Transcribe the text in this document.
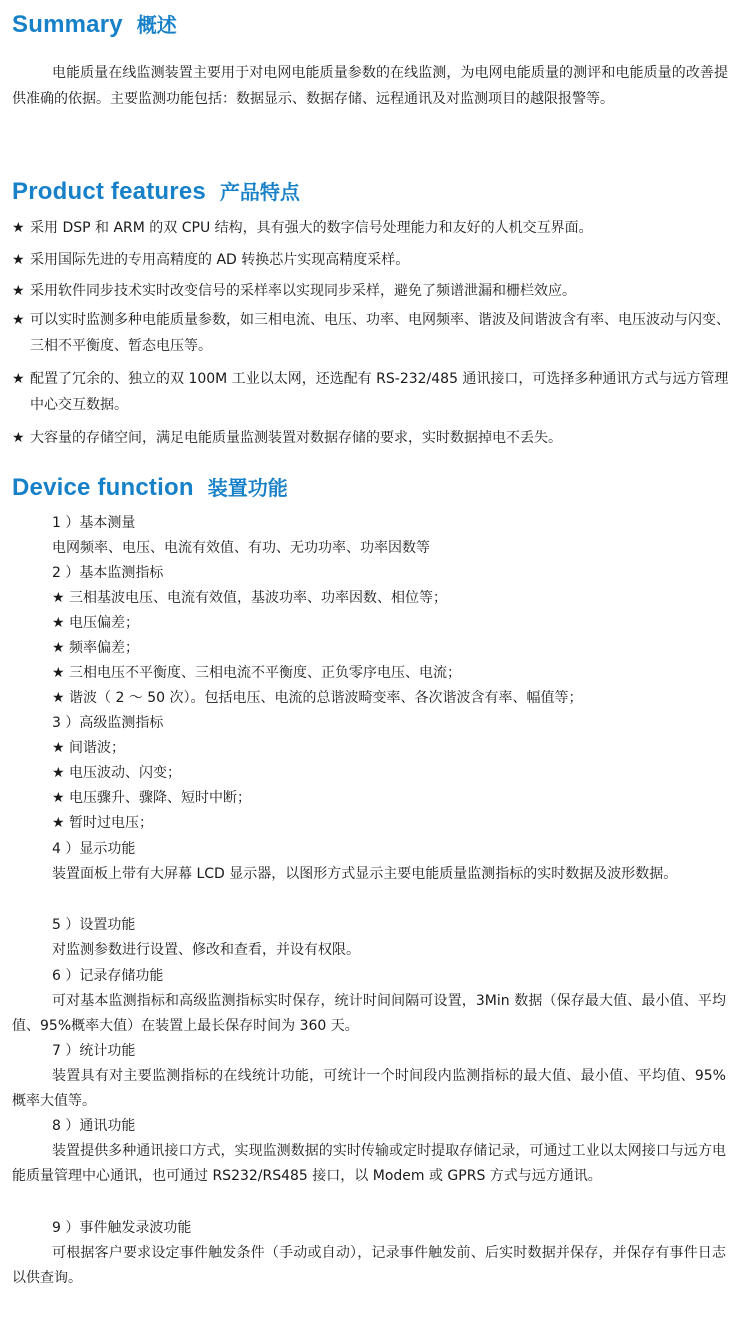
Summary 概述

电能质量在线监测装置主要用于对电网电能质量参数的在线监测，为电网电能质量的测评和电能质量的改善提供准确的依据。主要监测功能包括：数据显示、数据存储、远程通讯及对监测项目的越限报警等。

Product features 产品特点

★ 采用 DSP 和 ARM 的双 CPU 结构，具有强大的数字信号处理能力和友好的人机交互界面。

★ 采用国际先进的专用高精度的 AD 转换芯片实现高精度采样。

★ 采用软件同步技术实时改变信号的采样率以实现同步采样，避免了频谱泄漏和栅栏效应。

★ 可以实时监测多种电能质量参数，如三相电流、电压、功率、电网频率、谐波及间谐波含有率、电压波动与闪变、三相不平衡度、暂态电压等。

★ 配置了冗余的、独立的双 100M 工业以太网，还选配有 RS-232/485 通讯接口，可选择多种通讯方式与远方管理中心交互数据。

★ 大容量的存储空间，满足电能质量监测装置对数据存储的要求，实时数据掉电不丢失。

Device function 装置功能

1 ）基本测量

电网频率、电压、电流有效值、有功、无功功率、功率因数等

2 ）基本监测指标

★ 三相基波电压、电流有效值，基波功率、功率因数、相位等；

★ 电压偏差；

★ 频率偏差；

★ 三相电压不平衡度、三相电流不平衡度、正负零序电压、电流；

★ 谐波（ 2 ～ 50 次）。包括电压、电流的总谐波畸变率、各次谐波含有率、幅值等；

3 ）高级监测指标

★ 间谐波；

★ 电压波动、闪变；

★ 电压骤升、骤降、短时中断；

★ 暂时过电压；

4 ）显示功能

装置面板上带有大屏幕 LCD 显示器，以图形方式显示主要电能质量监测指标的实时数据及波形数据。

5 ）设置功能

对监测参数进行设置、修改和查看，并设有权限。

6 ）记录存储功能

可对基本监测指标和高级监测指标实时保存，统计时间间隔可设置，3Min 数据（保存最大值、最小值、平均值、95%概率大值）在装置上最长保存时间为 360 天。

7 ）统计功能

装置具有对主要监测指标的在线统计功能，可统计一个时间段内监测指标的最大值、最小值、平均值、95%概率大值等。

8 ）通讯功能

装置提供多种通讯接口方式，实现监测数据的实时传输或定时提取存储记录，可通过工业以太网接口与远方电能质量管理中心通讯，也可通过 RS232/RS485 接口，以 Modem 或 GPRS 方式与远方通讯。

9 ）事件触发录波功能

可根据客户要求设定事件触发条件（手动或自动），记录事件触发前、后实时数据并保存，并保存有事件日志以供查询。
